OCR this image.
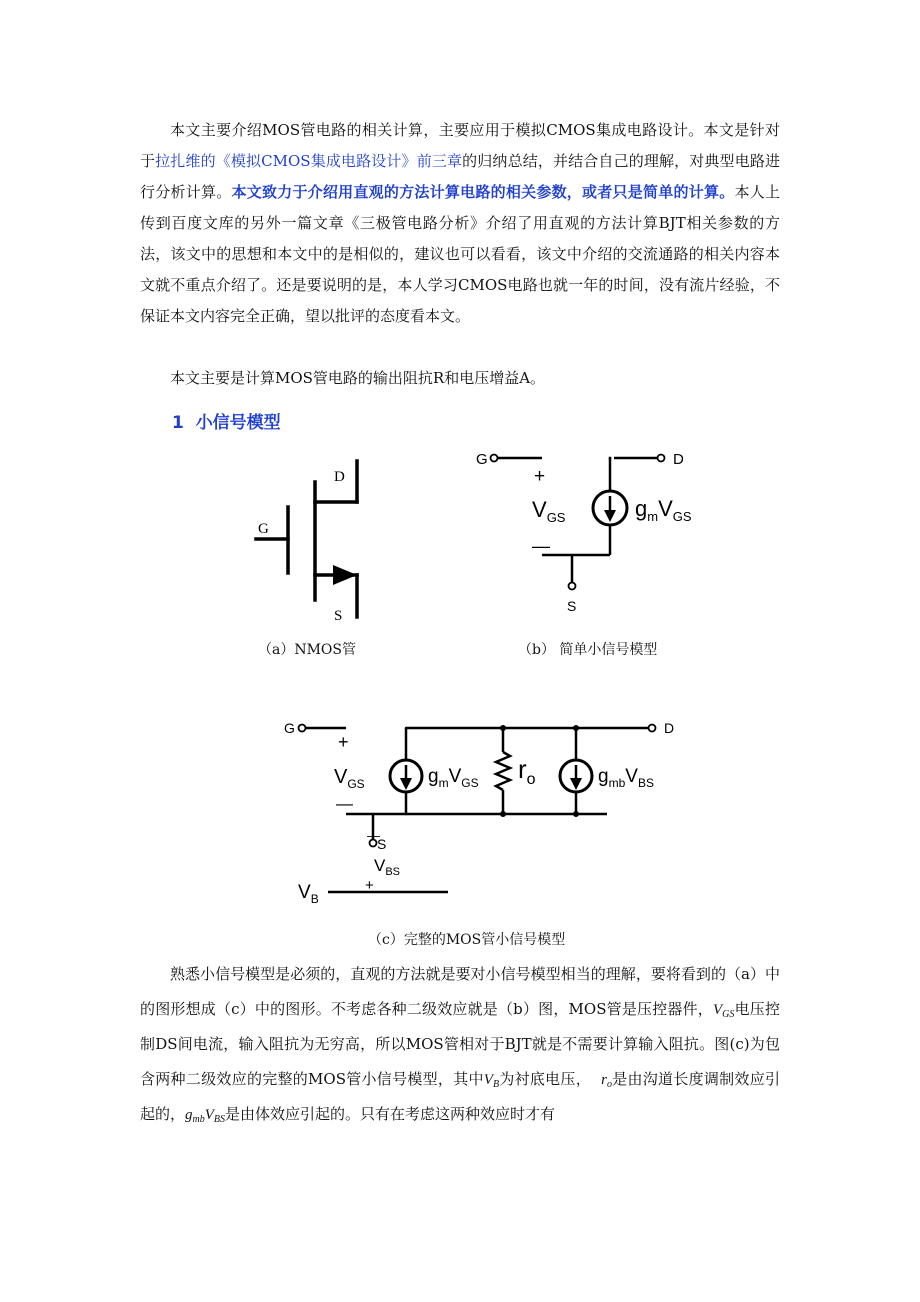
本文主要介绍MOS管电路的相关计算，主要应用于模拟CMOS集成电路设计。本文是针对于拉扎维的《模拟CMOS集成电路设计》前三章的归纳总结，并结合自己的理解，对典型电路进行分析计算。本文致力于介绍用直观的方法计算电路的相关参数，或者只是简单的计算。本人上传到百度文库的另外一篇文章《三极管电路分析》介绍了用直观的方法计算BJT相关参数的方法，该文中的思想和本文中的是相似的，建议也可以看看，该文中介绍的交流通路的相关内容本文就不重点介绍了。还是要说明的是，本人学习CMOS电路也就一年的时间，没有流片经验，不保证本文内容完全正确，望以批评的态度看本文。

本文主要是计算MOS管电路的输出阻抗R和电压增益A。

1 小信号模型
G
D
S
G	D
S
+
—
$V_{GS}$	$g_mV_{GS}$
（a）NMOS管	（b） 简单小信号模型
G	D
S
+
—
$V_{GS}$	$g_mV_{GS}$ $r_o$	$g_{mb}V_{BS}$
—
$V_{BS}$
+
$V_B$
（c）完整的MOS管小信号模型

熟悉小信号模型是必须的，直观的方法就是要对小信号模型相当的理解，要将看到的（a）中的图形想成（c）中的图形。不考虑各种二级效应就是（b）图，MOS管是压控器件，$V_{GS}$电压控制DS间电流，输入阻抗为无穷高，所以MOS管相对于BJT就是不需要计算输入阻抗。图(c)为包含两种二级效应的完整的MOS管小信号模型，其中$V_B$为衬底电压， $r_o$是由沟道长度调制效应引起的，$g_{mb}V_{BS}$是由体效应引起的。只有在考虑这两种效应时才有
